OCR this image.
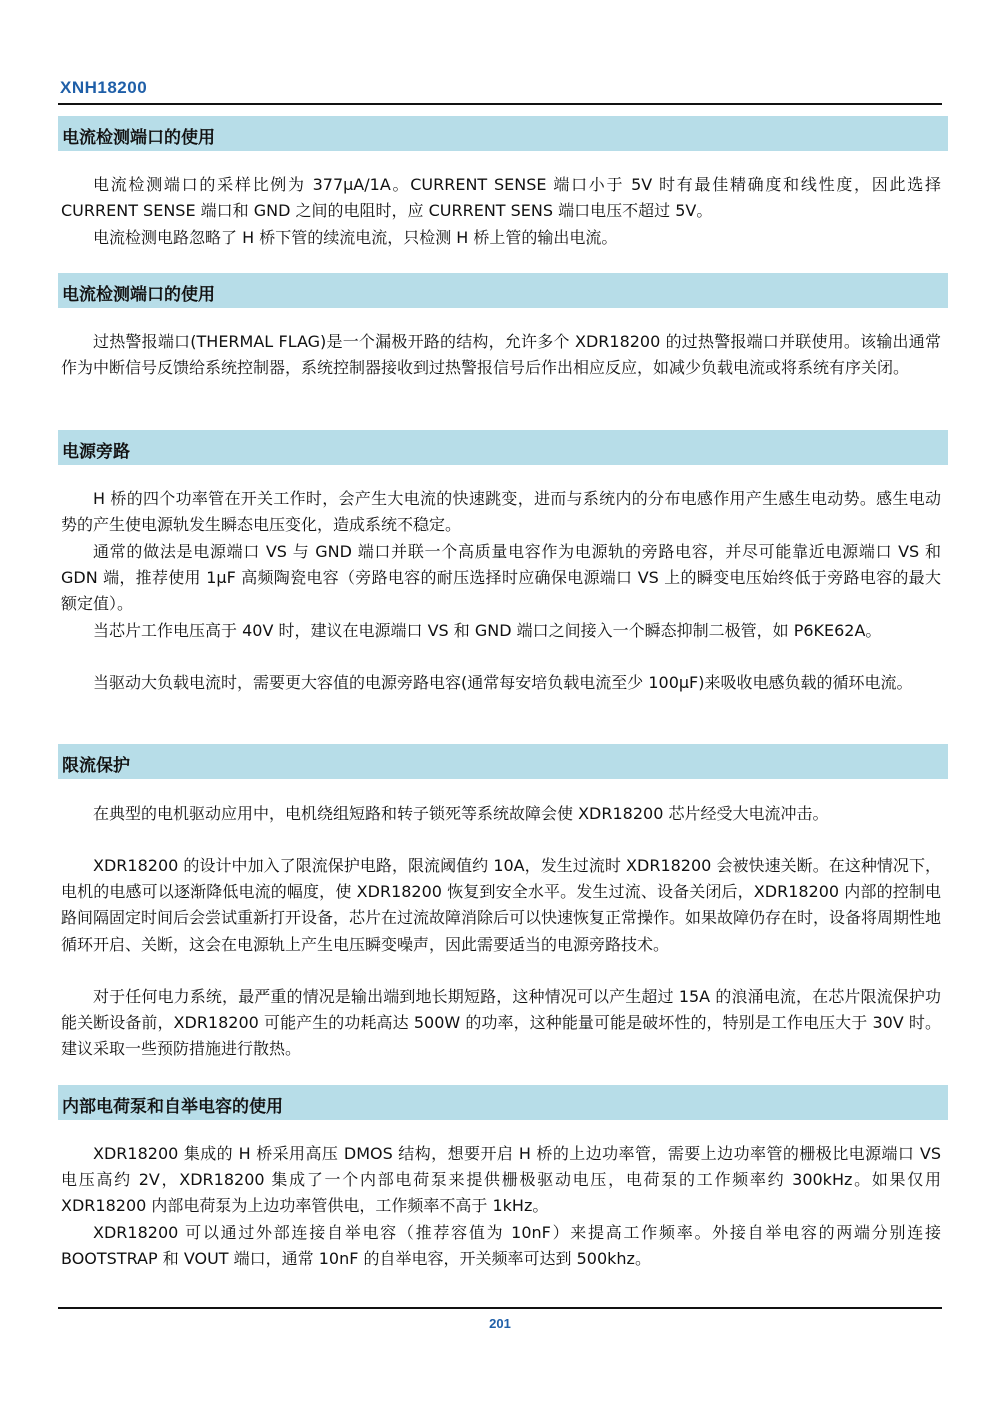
XNH18200
电流检测端口的使用

电流检测端口的采样比例为 377μA/1A。CURRENT SENSE 端口小于 5V 时有最佳精确度和线性度，因此选择 CURRENT SENSE 端口和 GND 之间的电阻时，应 CURRENT SENS 端口电压不超过 5V。

电流检测电路忽略了 H 桥下管的续流电流，只检测 H 桥上管的输出电流。

电流检测端口的使用

过热警报端口(THERMAL FLAG)是一个漏极开路的结构，允许多个 XDR18200 的过热警报端口并联使用。该输出通常作为中断信号反馈给系统控制器，系统控制器接收到过热警报信号后作出相应反应，如减少负载电流或将系统有序关闭。

电源旁路

H 桥的四个功率管在开关工作时，会产生大电流的快速跳变，进而与系统内的分布电感作用产生感生电动势。感生电动势的产生使电源轨发生瞬态电压变化，造成系统不稳定。

通常的做法是电源端口 VS 与 GND 端口并联一个高质量电容作为电源轨的旁路电容，并尽可能靠近电源端口 VS 和 GDN 端，推荐使用 1μF 高频陶瓷电容（旁路电容的耐压选择时应确保电源端口 VS 上的瞬变电压始终低于旁路电容的最大额定值）。

当芯片工作电压高于 40V 时，建议在电源端口 VS 和 GND 端口之间接入一个瞬态抑制二极管，如 P6KE62A。

当驱动大负载电流时，需要更大容值的电源旁路电容(通常每安培负载电流至少 100μF)来吸收电感负载的循环电流。

限流保护

在典型的电机驱动应用中，电机绕组短路和转子锁死等系统故障会使 XDR18200 芯片经受大电流冲击。

XDR18200 的设计中加入了限流保护电路，限流阈值约 10A，发生过流时 XDR18200 会被快速关断。在这种情况下，电机的电感可以逐渐降低电流的幅度，使 XDR18200 恢复到安全水平。发生过流、设备关闭后，XDR18200 内部的控制电路间隔固定时间后会尝试重新打开设备，芯片在过流故障消除后可以快速恢复正常操作。如果故障仍存在时，设备将周期性地循环开启、关断，这会在电源轨上产生电压瞬变噪声，因此需要适当的电源旁路技术。

对于任何电力系统，最严重的情况是输出端到地长期短路，这种情况可以产生超过 15A 的浪涌电流，在芯片限流保护功能关断设备前，XDR18200 可能产生的功耗高达 500W 的功率，这种能量可能是破坏性的，特别是工作电压大于 30V 时。建议采取一些预防措施进行散热。

内部电荷泵和自举电容的使用

XDR18200 集成的 H 桥采用高压 DMOS 结构，想要开启 H 桥的上边功率管，需要上边功率管的栅极比电源端口 VS 电压高约 2V，XDR18200 集成了一个内部电荷泵来提供栅极驱动电压，电荷泵的工作频率约 300kHz。如果仅用 XDR18200 内部电荷泵为上边功率管供电，工作频率不高于 1kHz。

XDR18200 可以通过外部连接自举电容（推荐容值为 10nF）来提高工作频率。外接自举电容的两端分别连接 BOOTSTRAP 和 VOUT 端口，通常 10nF 的自举电容，开关频率可达到 500khz。

201
